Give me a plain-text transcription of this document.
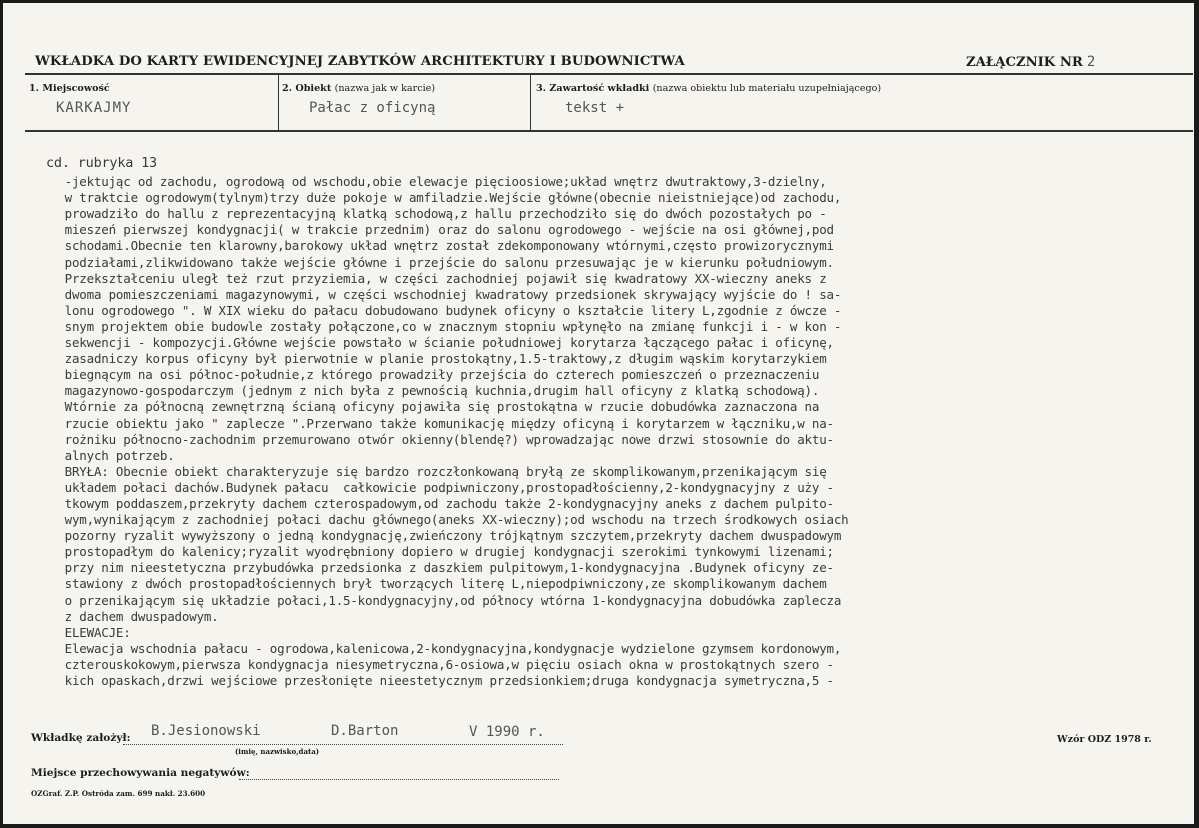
WKŁADKA DO KARTY EWIDENCYJNEJ ZABYTKÓW ARCHITEKTURY I BUDOWNICTWA	ZAŁĄCZNIK NR 2
1. Miejscowość
KARKAJMY
2. Obiekt (nazwa jak w karcie)
Pałac z oficyną
3. Zawartość wkładki (nazwa obiektu lub materiału uzupełniającego)
tekst +
cd. rubryka 13
-jektując od zachodu, ogrodową od wschodu,obie elewacje pięcioosiowe;układ wnętrz dwutraktowy,3-dzielny,
w traktcie ogrodowym(tylnym)trzy duże pokoje w amfiladzie.Wejście główne(obecnie nieistniejące)od zachodu,
prowadziło do hallu z reprezentacyjną klatką schodową,z hallu przechodziło się do dwóch pozostałych po -
mieszeń pierwszej kondygnacji( w trakcie przednim) oraz do salonu ogrodowego - wejście na osi głównej,pod
schodami.Obecnie ten klarowny,barokowy układ wnętrz został zdekomponowany wtórnymi,często prowizorycznymi
podziałami,zlikwidowano także wejście główne i przejście do salonu przesuwając je w kierunku południowym.
Przekształceniu uległ też rzut przyziemia, w części zachodniej pojawił się kwadratowy XX-wieczny aneks z
dwoma pomieszczeniami magazynowymi, w części wschodniej kwadratowy przedsionek skrywający wyjście do ! sa-
lonu ogrodowego ". W XIX wieku do pałacu dobudowano budynek oficyny o kształcie litery L,zgodnie z ówcze -
snym projektem obie budowle zostały połączone,co w znacznym stopniu wpłynęło na zmianę funkcji i - w kon -
sekwencji - kompozycji.Główne wejście powstało w ścianie południowej korytarza łączącego pałac i oficynę,
zasadniczy korpus oficyny był pierwotnie w planie prostokątny,1.5-traktowy,z długim wąskim korytarzykiem
biegnącym na osi północ-południe,z którego prowadziły przejścia do czterech pomieszczeń o przeznaczeniu
magazynowo-gospodarczym (jednym z nich była z pewnością kuchnia,drugim hall oficyny z klatką schodową).
Wtórnie za północną zewnętrzną ścianą oficyny pojawiła się prostokątna w rzucie dobudówka zaznaczona na
rzucie obiektu jako " zaplecze ".Przerwano także komunikację między oficyną i korytarzem w łączniku,w na-
rożniku północno-zachodnim przemurowano otwór okienny(blendę?) wprowadzając nowe drzwi stosownie do aktu-
alnych potrzeb.
BRYŁA: Obecnie obiekt charakteryzuje się bardzo rozczłonkowaną bryłą ze skomplikowanym,przenikającym się
układem połaci dachów.Budynek pałacu  całkowicie podpiwniczony,prostopadłościenny,2-kondygnacyjny z uży -
tkowym poddaszem,przekryty dachem czterospadowym,od zachodu także 2-kondygnacyjny aneks z dachem pulpito-
wym,wynikającym z zachodniej połaci dachu głównego(aneks XX-wieczny);od wschodu na trzech środkowych osiach
pozorny ryzalit wywyższony o jedną kondygnację,zwieńczony trójkątnym szczytem,przekryty dachem dwuspadowym
prostopadłym do kalenicy;ryzalit wyodrębniony dopiero w drugiej kondygnacji szerokimi tynkowymi lizenami;
przy nim nieestetyczna przybudówka przedsionka z daszkiem pulpitowym,1-kondygnacyjna .Budynek oficyny ze-
stawiony z dwóch prostopadłościennych brył tworzących literę L,niepodpiwniczony,ze skomplikowanym dachem
o przenikającym się układzie połaci,1.5-kondygnacyjny,od północy wtórna 1-kondygnacyjna dobudówka zaplecza
z dachem dwuspadowym.
ELEWACJE:
Elewacja wschodnia pałacu - ogrodowa,kalenicowa,2-kondygnacyjna,kondygnacje wydzielone gzymsem kordonowym,
czterouskokowym,pierwsza kondygnacja niesymetryczna,6-osiowa,w pięciu osiach okna w prostokątnych szero -
kich opaskach,drzwi wejściowe przesłonięte nieestetycznym przedsionkiem;druga kondygnacja symetryczna,5 -
Wkładkę założył: B.Jesionowski	D.Barton	V 1990 r.
(imię, nazwisko,data)
Wzór ODZ 1978 r.
Miejsce przechowywania negatywów:
OZGraf. Z.P. Ostróda zam. 699 nakł. 23.600
